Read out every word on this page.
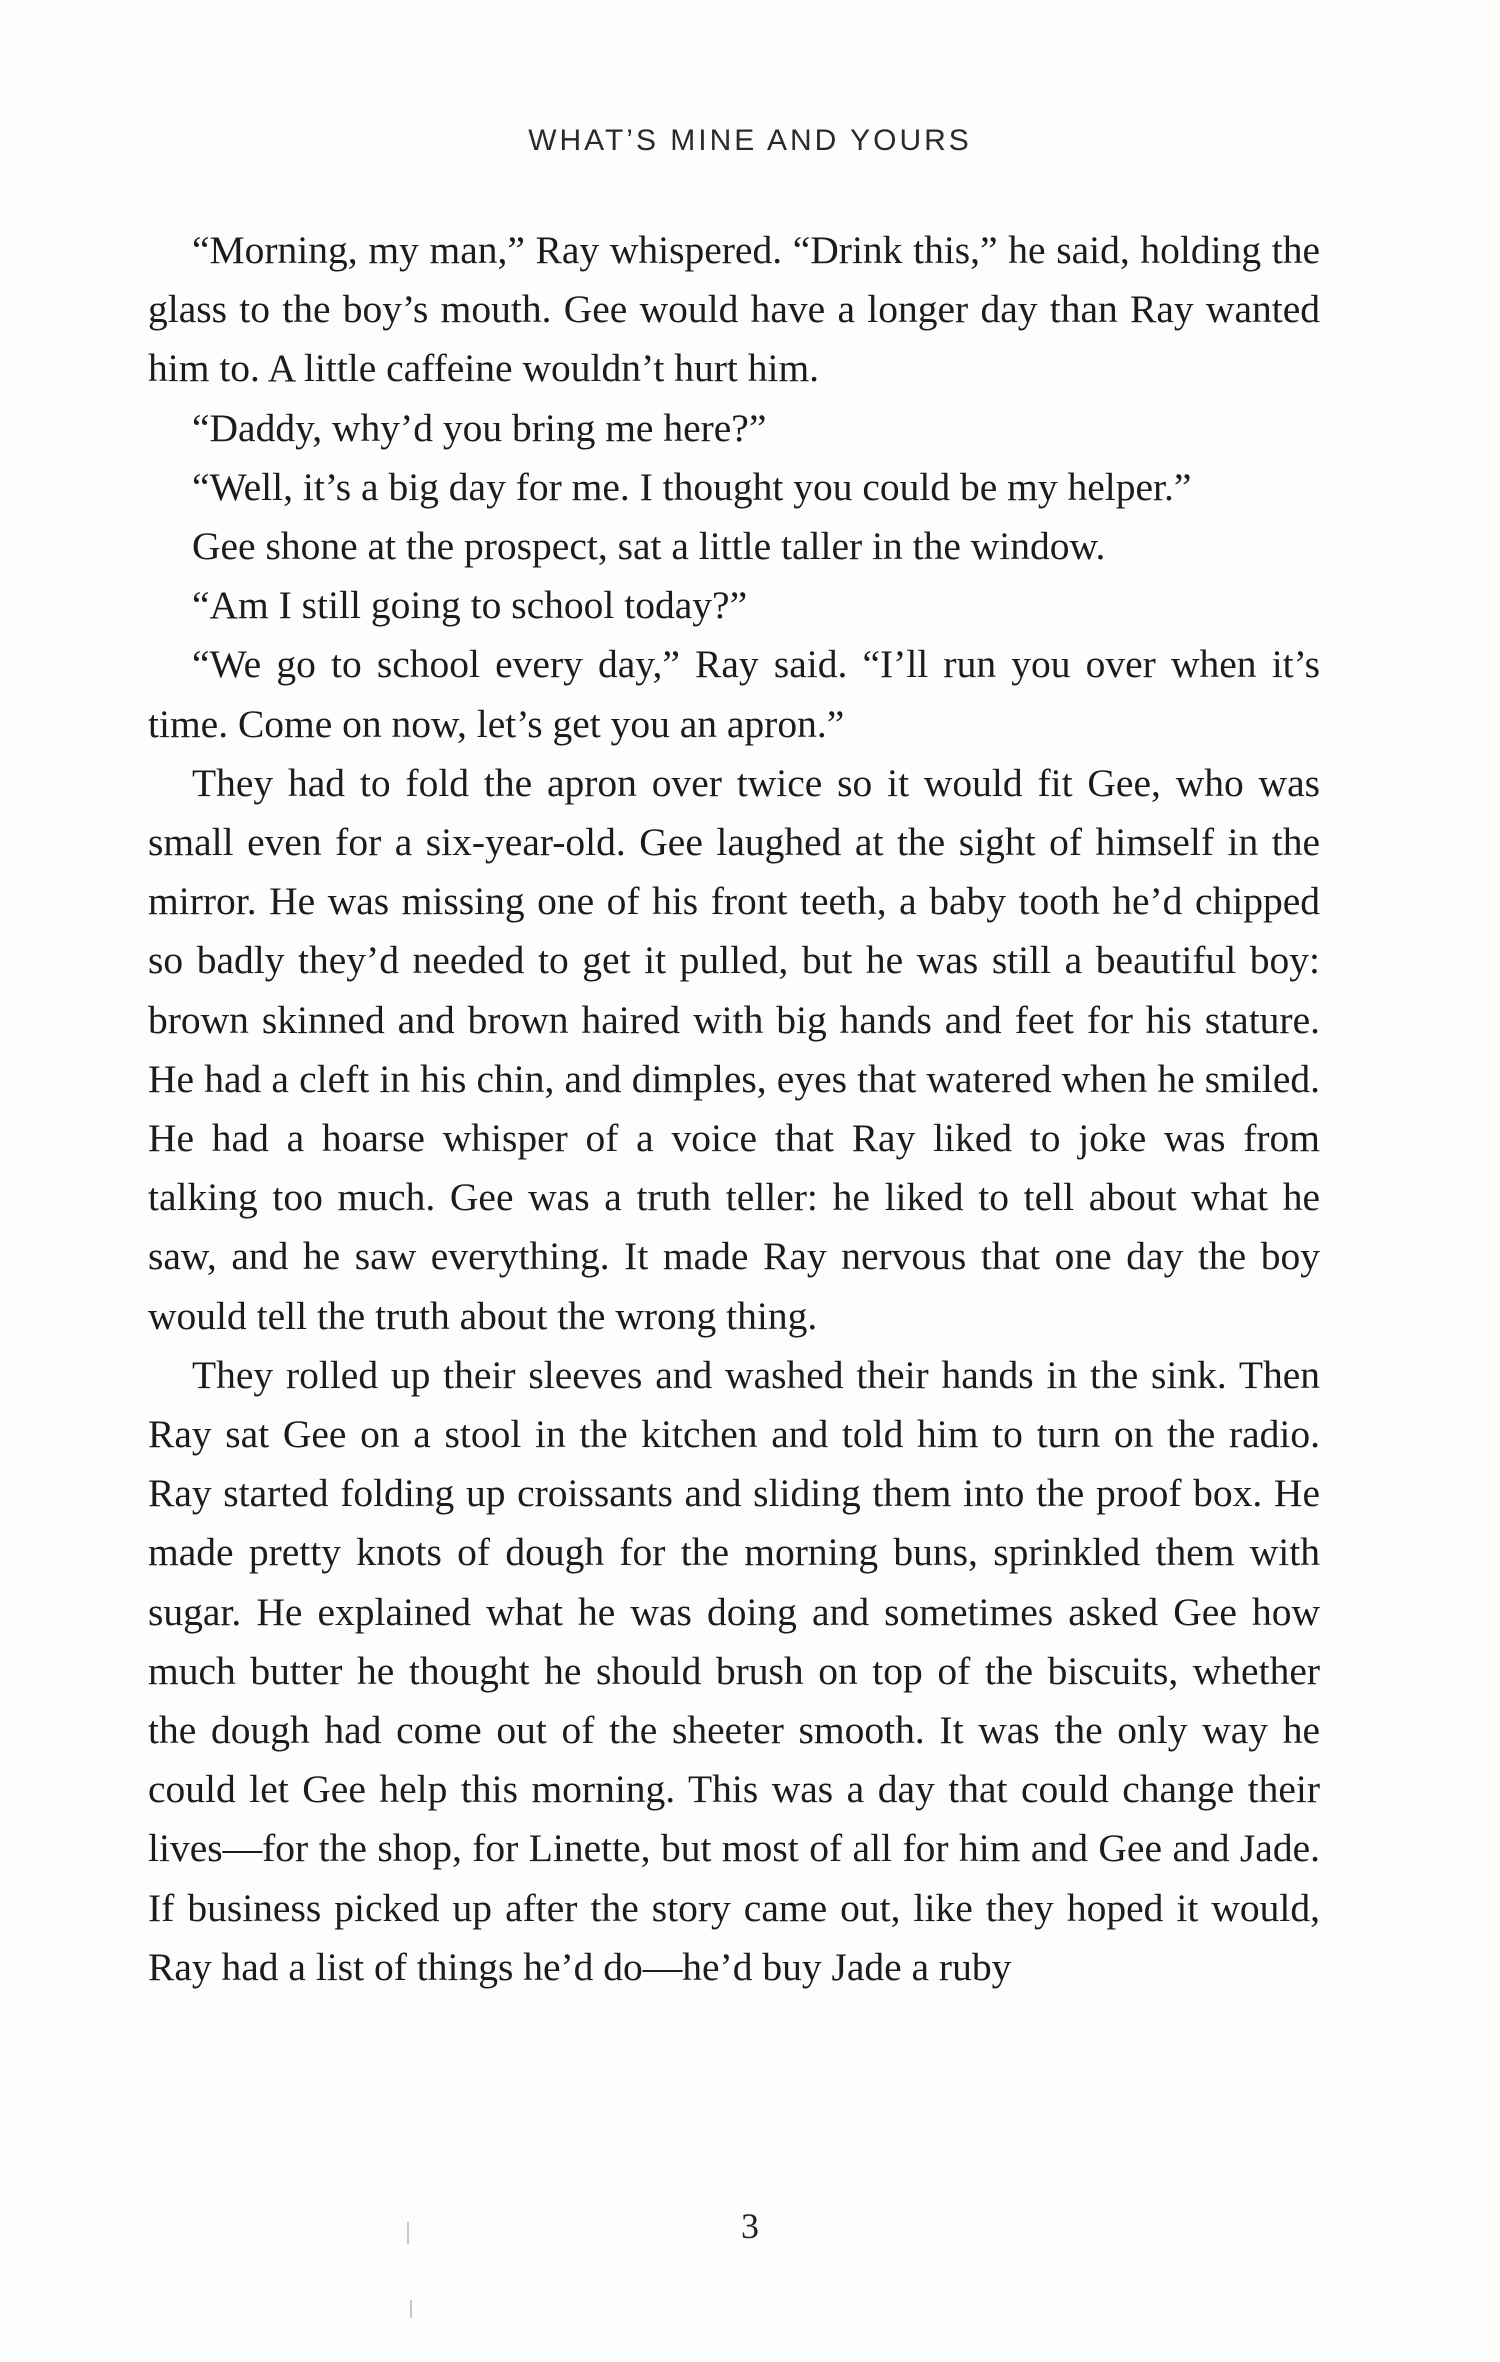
WHAT’S MINE AND YOURS

“Morning, my man,” Ray whispered. “Drink this,” he said, holding the glass to the boy’s mouth. Gee would have a longer day than Ray wanted him to. A little caffeine wouldn’t hurt him.

“Daddy, why’d you bring me here?”

“Well, it’s a big day for me. I thought you could be my helper.”

Gee shone at the prospect, sat a little taller in the window.

“Am I still going to school today?”

“We go to school every day,” Ray said. “I’ll run you over when it’s time. Come on now, let’s get you an apron.”

They had to fold the apron over twice so it would fit Gee, who was small even for a six-year-old. Gee laughed at the sight of himself in the mirror. He was missing one of his front teeth, a baby tooth he’d chipped so badly they’d needed to get it pulled, but he was still a beautiful boy: brown skinned and brown haired with big hands and feet for his stature. He had a cleft in his chin, and dimples, eyes that watered when he smiled. He had a hoarse whisper of a voice that Ray liked to joke was from talking too much. Gee was a truth teller: he liked to tell about what he saw, and he saw everything. It made Ray nervous that one day the boy would tell the truth about the wrong thing.

They rolled up their sleeves and washed their hands in the sink. Then Ray sat Gee on a stool in the kitchen and told him to turn on the radio. Ray started folding up croissants and sliding them into the proof box. He made pretty knots of dough for the morning buns, sprinkled them with sugar. He explained what he was doing and sometimes asked Gee how much butter he thought he should brush on top of the biscuits, whether the dough had come out of the sheeter smooth. It was the only way he could let Gee help this morning. This was a day that could change their lives—for the shop, for Linette, but most of all for him and Gee and Jade. If business picked up after the story came out, like they hoped it would, Ray had a list of things he’d do—he’d buy Jade a ruby

3
